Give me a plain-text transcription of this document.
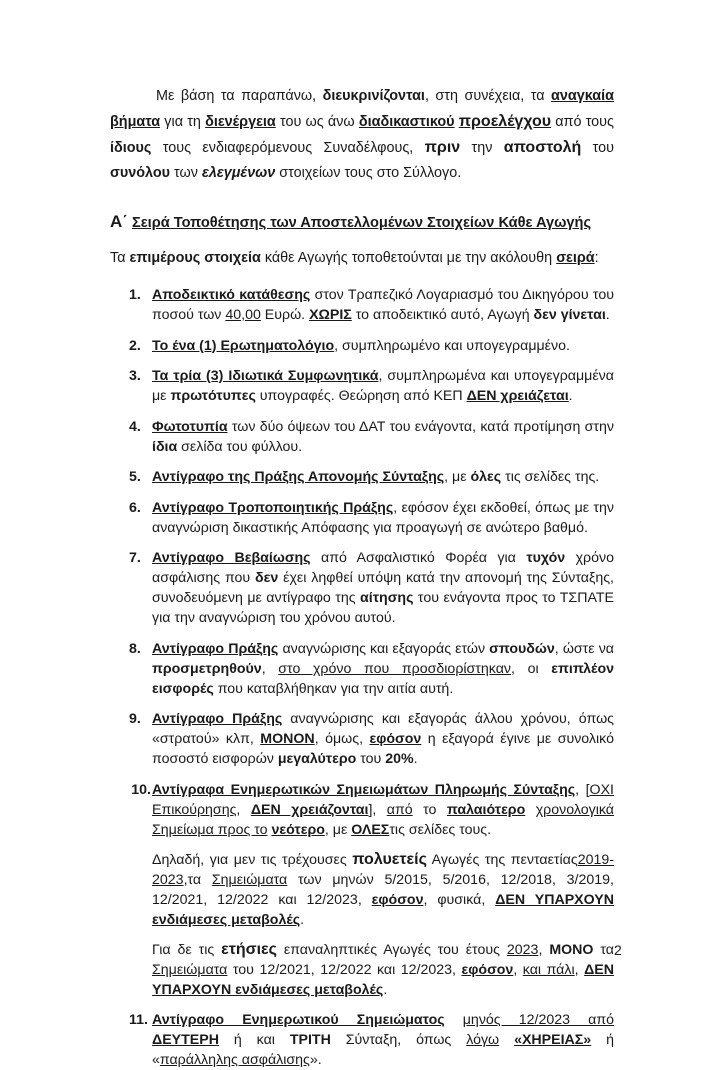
Με βάση τα παραπάνω, διευκρινίζονται, στη συνέχεια, τα αναγκαία βήματα για τη διενέργεια του ως άνω διαδικαστικού προελέγχου από τους ίδιους τους ενδιαφερόμενους Συναδέλφους, πριν την αποστολή του συνόλου των ελεγμένων στοιχείων τους στο Σύλλογο.

Α΄ Σειρά Τοποθέτησης των Αποστελλομένων Στοιχείων Κάθε Αγωγής

Τα επιμέρους στοιχεία κάθε Αγωγής τοποθετούνται με την ακόλουθη σειρά:

1. Αποδεικτικό κατάθεσης στον Τραπεζικό Λογαριασμό του Δικηγόρου του ποσού των 40,00 Ευρώ. ΧΩΡΙΣ το αποδεικτικό αυτό, Αγωγή δεν γίνεται.
2. Το ένα (1) Ερωτηματολόγιο, συμπληρωμένο και υπογεγραμμένο.
3. Τα τρία (3) Ιδιωτικά Συμφωνητικά, συμπληρωμένα και υπογεγραμμένα με πρωτότυπες υπογραφές. Θεώρηση από ΚΕΠ ΔΕΝ χρειάζεται.
4. Φωτοτυπία των δύο όψεων του ΔΑΤ του ενάγοντα, κατά προτίμηση στην ίδια σελίδα του φύλλου.
5. Αντίγραφο της Πράξης Απονομής Σύνταξης, με όλες τις σελίδες της.
6. Αντίγραφο Τροποποιητικής Πράξης, εφόσον έχει εκδοθεί, όπως με την αναγνώριση δικαστικής Απόφασης για προαγωγή σε ανώτερο βαθμό.
7. Αντίγραφο Βεβαίωσης από Ασφαλιστικό Φορέα για τυχόν χρόνο ασφάλισης που δεν έχει ληφθεί υπόψη κατά την απονομή της Σύνταξης, συνοδευόμενη με αντίγραφο της αίτησης του ενάγοντα προς το ΤΣΠΑΤΕ για την αναγνώριση του χρόνου αυτού.
8. Αντίγραφο Πράξης αναγνώρισης και εξαγοράς ετών σπουδών, ώστε να προσμετρηθούν, στο χρόνο που προσδιορίστηκαν, οι επιπλέον εισφορές που καταβλήθηκαν για την αιτία αυτή.
9. Αντίγραφο Πράξης αναγνώρισης και εξαγοράς άλλου χρόνου, όπως «στρατού» κλπ, ΜΟΝΟΝ, όμως, εφόσον η εξαγορά έγινε με συνολικό ποσοστό εισφορών μεγαλύτερο του 20%.
10. Αντίγραφα Ενημερωτικών Σημειωμάτων Πληρωμής Σύνταξης, [ΟΧΙ Επικούρησης, ΔΕΝ χρειάζονται], από το παλαιότερο χρονολογικά Σημείωμα προς το νεότερο, με ΟΛΕΣτις σελίδες τους.

Δηλαδή, για μεν τις τρέχουσες πολυετείς Αγωγές της πενταετίας2019-2023,τα Σημειώματα των μηνών 5/2015, 5/2016, 12/2018, 3/2019, 12/2021, 12/2022 και 12/2023, εφόσον, φυσικά, ΔΕΝ ΥΠΑΡΧΟΥΝ ενδιάμεσες μεταβολές.

Για δε τις ετήσιες επαναληπτικές Αγωγές του έτους 2023, ΜΟΝΟ τα Σημειώματα του 12/2021, 12/2022 και 12/2023, εφόσον, και πάλι, ΔΕΝ ΥΠΑΡΧΟΥΝ ενδιάμεσες μεταβολές.

11. Αντίγραφο Ενημερωτικού Σημειώματος μηνός 12/2023 από ΔΕΥΤΕΡΗ ή και ΤΡΙΤΗ Σύνταξη, όπως λόγω «ΧΗΡΕΙΑΣ» ή «παράλληλης ασφάλισης».
2
